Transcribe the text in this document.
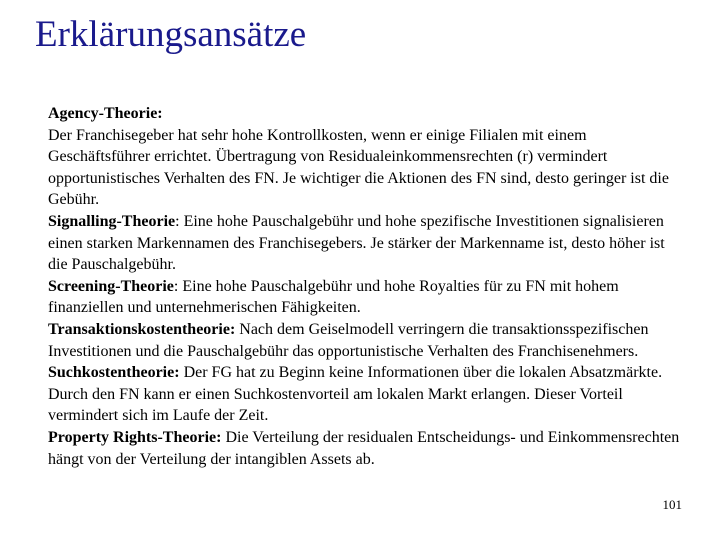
Erklärungsansätze
Agency-Theorie:
Der Franchisegeber hat sehr hohe Kontrollkosten, wenn er einige Filialen mit einem Geschäftsführer errichtet. Übertragung von Residualeinkommensrechten (r) vermindert opportunistisches Verhalten des FN. Je wichtiger die Aktionen des FN sind, desto geringer ist die Gebühr.
Signalling-Theorie: Eine hohe Pauschalgebühr und hohe spezifische Investitionen signalisieren einen starken Markennamen des Franchisegebers. Je stärker der Markenname ist, desto höher ist die Pauschalgebühr.
Screening-Theorie: Eine hohe Pauschalgebühr und hohe Royalties für zu FN mit hohem finanziellen und unternehmerischen Fähigkeiten.
Transaktionskostentheorie: Nach dem Geiselmodell verringern die transaktionsspezifischen Investitionen und die Pauschalgebühr das opportunistische Verhalten des Franchisenehmers.
Suchkostentheorie: Der FG hat zu Beginn keine Informationen über die lokalen Absatzmärkte. Durch den FN kann er einen Suchkostenvorteil am lokalen Markt erlangen. Dieser Vorteil vermindert sich im Laufe der Zeit.
Property Rights-Theorie: Die Verteilung der residualen Entscheidungs- und Einkommensrechten hängt von der Verteilung der intangiblen Assets ab.
101
